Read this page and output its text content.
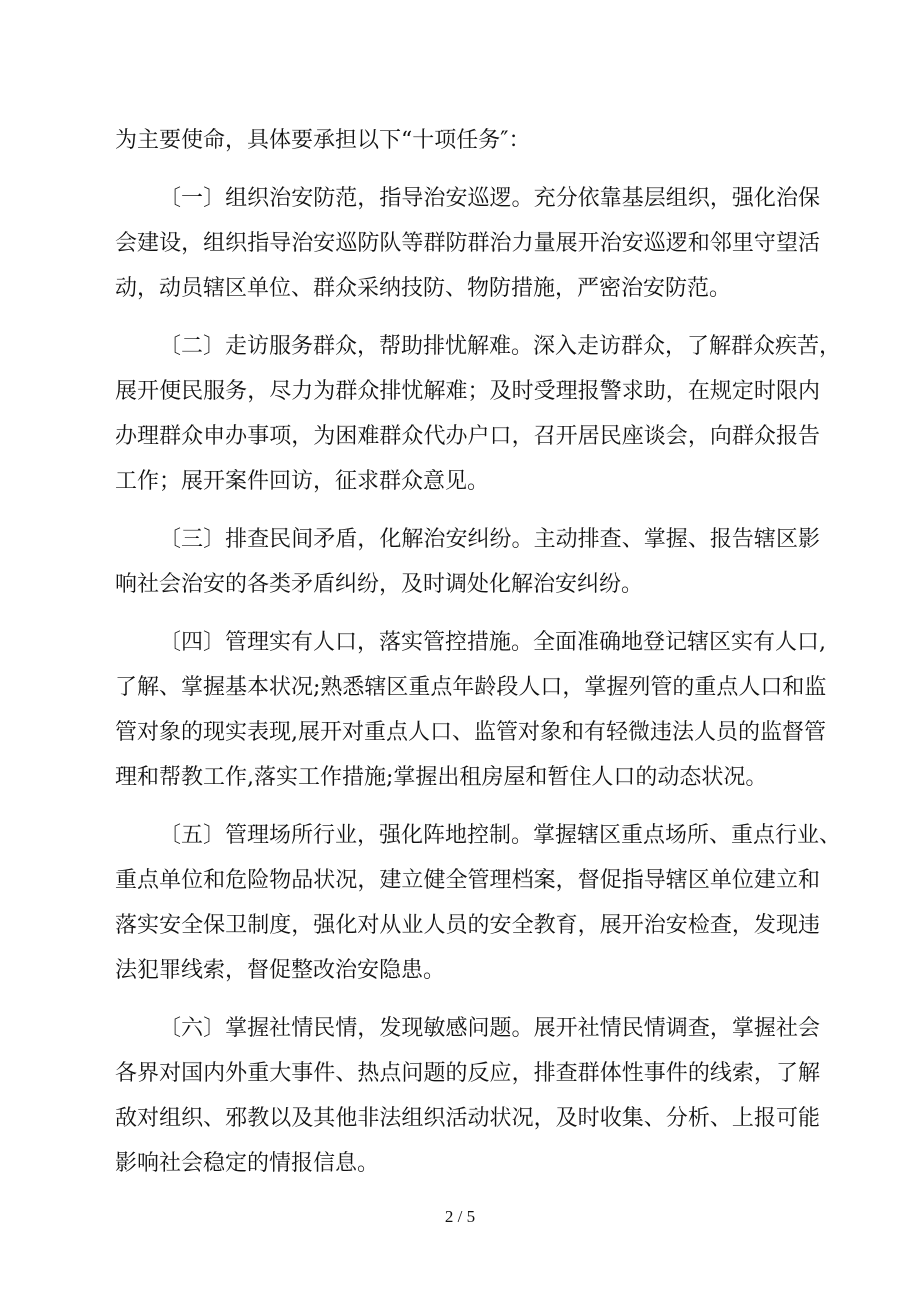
为主要使命，具体要承担以下“十项任务″：
〔一〕组织治安防范，指导治安巡逻。充分依靠基层组织，强化治保
会建设，组织指导治安巡防队等群防群治力量展开治安巡逻和邻里守望活
动，动员辖区单位、群众采纳技防、物防措施，严密治安防范。
〔二〕走访服务群众，帮助排忧解难。深入走访群众，了解群众疾苦，
展开便民服务，尽力为群众排忧解难；及时受理报警求助，在规定时限内
办理群众申办事项，为困难群众代办户口，召开居民座谈会，向群众报告
工作；展开案件回访，征求群众意见。
〔三〕排查民间矛盾，化解治安纠纷。主动排查、掌握、报告辖区影
响社会治安的各类矛盾纠纷，及时调处化解治安纠纷。
〔四〕管理实有人口，落实管控措施。全面准确地登记辖区实有人口,
了解、掌握基本状况;熟悉辖区重点年龄段人口，掌握列管的重点人口和监
管对象的现实表现,展开对重点人口、监管对象和有轻微违法人员的监督管
理和帮教工作,落实工作措施;掌握出租房屋和暂住人口的动态状况。
〔五〕管理场所行业，强化阵地控制。掌握辖区重点场所、重点行业、
重点单位和危险物品状况，建立健全管理档案，督促指导辖区单位建立和
落实安全保卫制度，强化对从业人员的安全教育，展开治安检查，发现违
法犯罪线索，督促整改治安隐患。
〔六〕掌握社情民情，发现敏感问题。展开社情民情调查，掌握社会
各界对国内外重大事件、热点问题的反应，排查群体性事件的线索，了解
敌对组织、邪教以及其他非法组织活动状况，及时收集、分析、上报可能
影响社会稳定的情报信息。
2 / 5
